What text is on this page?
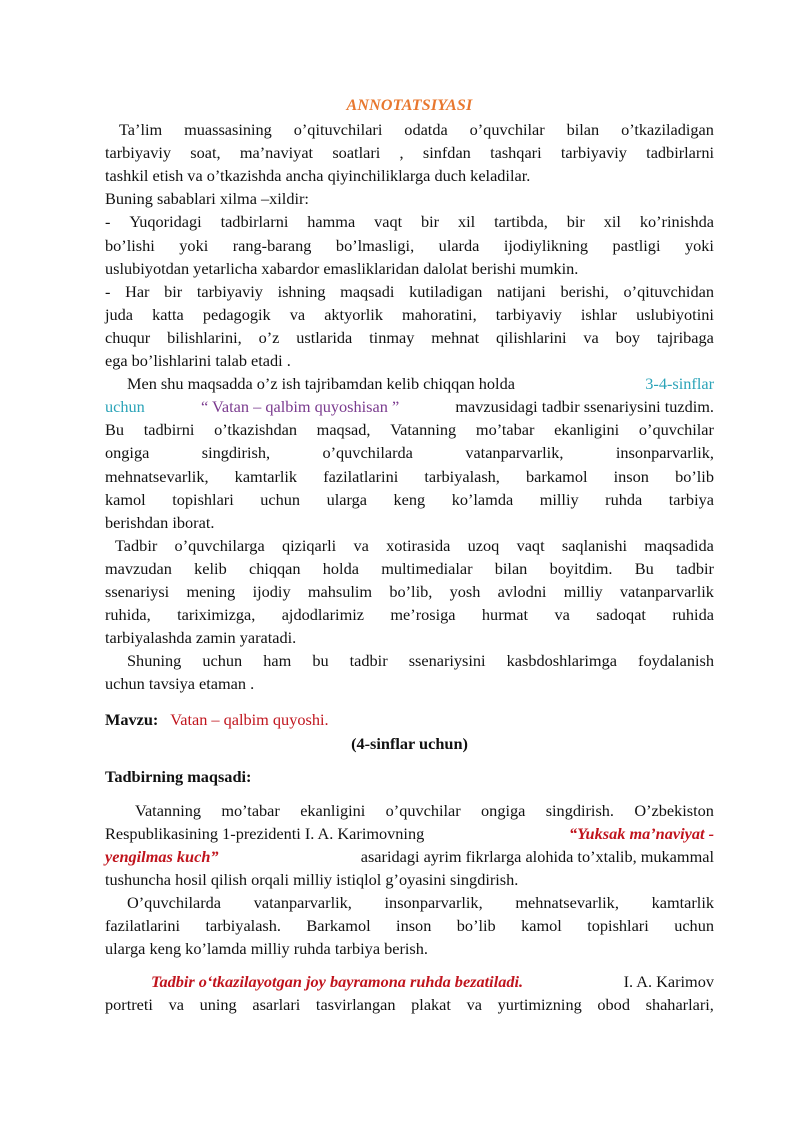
ANNOTATSIYASI
Ta’lim muassasining o’qituvchilari odatda o’quvchilar bilan o’tkaziladigan
tarbiyaviy soat, ma’naviyat soatlari , sinfdan tashqari tarbiyaviy tadbirlarni
tashkil etish va o’tkazishda ancha qiyinchiliklarga duch keladilar.
Buning sabablari xilma –xildir:
- Yuqoridagi tadbirlarni hamma vaqt bir xil tartibda, bir xil ko’rinishda
bo’lishi yoki rang-barang bo’lmasligi, ularda ijodiylikning pastligi yoki
uslubiyotdan yetarlicha xabardor emasliklaridan dalolat berishi mumkin.
- Har bir tarbiyaviy ishning maqsadi kutiladigan natijani berishi, o’qituvchidan
juda katta pedagogik va aktyorlik mahoratini, tarbiyaviy ishlar uslubiyotini
chuqur bilishlarini, o’z ustlarida tinmay mehnat qilishlarini va boy tajribaga
ega bo’lishlarini talab etadi .
Men shu maqsadda o’z ish tajribamdan kelib chiqqan holda	3-4-sinflar
uchun	“ Vatan – qalbim quyoshisan ”	mavzusidagi tadbir ssenariysini tuzdim.
Bu tadbirni o’tkazishdan maqsad, Vatanning mo’tabar ekanligini o’quvchilar
ongiga	singdirish,	o’quvchilarda	vatanparvarlik,	insonparvarlik,
mehnatsevarlik, kamtarlik fazilatlarini tarbiyalash, barkamol inson bo’lib
kamol topishlari uchun ularga keng ko’lamda milliy ruhda tarbiya
berishdan iborat.
Tadbir o’quvchilarga qiziqarli va xotirasida uzoq vaqt saqlanishi maqsadida
mavzudan kelib chiqqan holda multimedialar bilan boyitdim. Bu tadbir
ssenariysi mening ijodiy mahsulim bo’lib, yosh avlodni milliy vatanparvarlik
ruhida, tariximizga, ajdodlarimiz me’rosiga hurmat va sadoqat ruhida
tarbiyalashda zamin yaratadi.
Shuning uchun ham bu tadbir ssenariysini kasbdoshlarimga foydalanish
uchun tavsiya etaman .
Mavzu: Vatan – qalbim quyoshi.
(4-sinflar uchun)
Tadbirning maqsadi:
Vatanning mo’tabar ekanligini o’quvchilar ongiga singdirish. O’zbekiston
Respublikasining 1-prezidenti I. A. Karimovning	“Yuksak ma’naviyat -
yengilmas kuch”	asaridagi ayrim fikrlarga alohida to’xtalib, mukammal
tushuncha hosil qilish orqali milliy istiqlol g’oyasini singdirish.
O’quvchilarda vatanparvarlik, insonparvarlik, mehnatsevarlik, kamtarlik
fazilatlarini tarbiyalash. Barkamol inson bo’lib kamol topishlari uchun
ularga keng ko’lamda milliy ruhda tarbiya berish.
Tadbir o‘tkazilayotgan joy bayramona ruhda bezatiladi.	I. A. Karimov
portreti va uning asarlari tasvirlangan plakat va yurtimizning obod shaharlari,
